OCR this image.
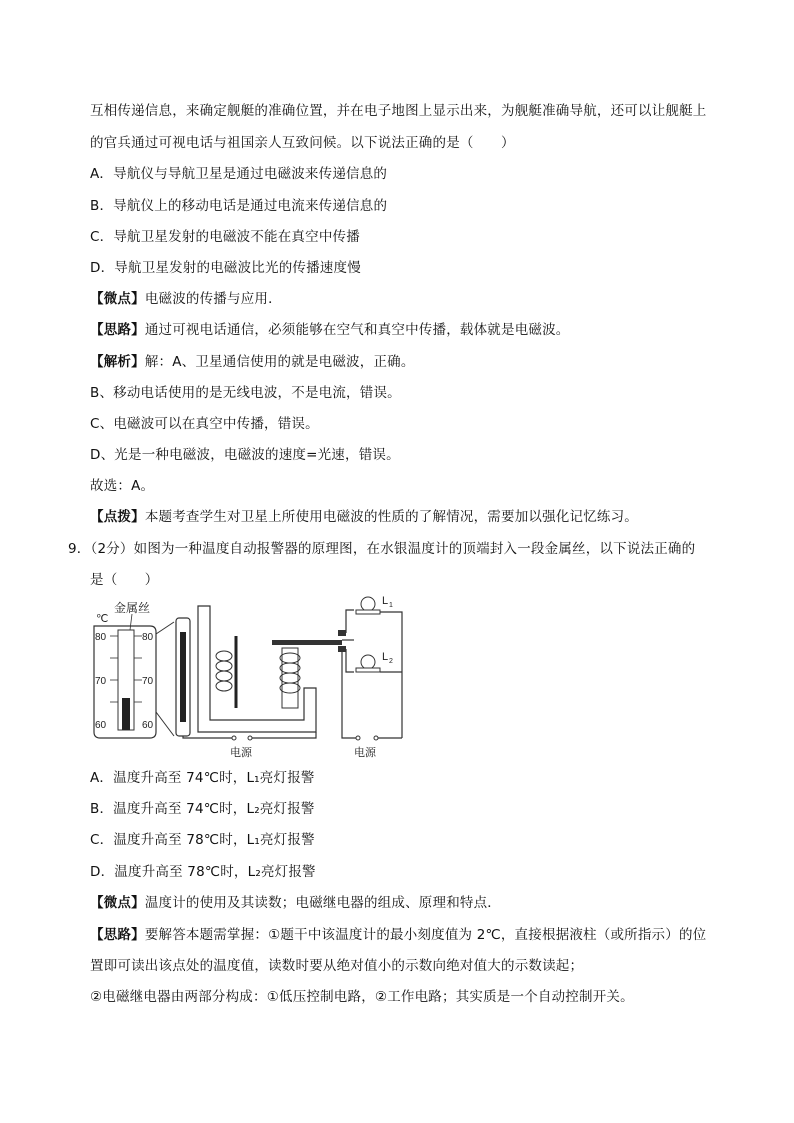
互相传递信息，来确定舰艇的准确位置，并在电子地图上显示出来，为舰艇准确导航，还可以让舰艇上
的官兵通过可视电话与祖国亲人互致问候。以下说法正确的是（　　）
A．导航仪与导航卫星是通过电磁波来传递信息的
B．导航仪上的移动电话是通过电流来传递信息的
C．导航卫星发射的电磁波不能在真空中传播
D．导航卫星发射的电磁波比光的传播速度慢
【微点】电磁波的传播与应用．
【思路】通过可视电话通信，必须能够在空气和真空中传播，载体就是电磁波。
【解析】解：A、卫星通信使用的就是电磁波，正确。
B、移动电话使用的是无线电波，不是电流，错误。
C、电磁波可以在真空中传播，错误。
D、光是一种电磁波，电磁波的速度=光速，错误。
故选：A。
【点拨】本题考查学生对卫星上所使用电磁波的性质的了解情况，需要加以强化记忆练习。
9．（2分）如图为一种温度自动报警器的原理图，在水银温度计的顶端封入一段金属丝，以下说法正确的
是（　　）
℃
80
70
60
80
70
60
金属丝	L 1
L 2
电源	电源
A．温度升高至 74℃时，L₁亮灯报警
B．温度升高至 74℃时，L₂亮灯报警
C．温度升高至 78℃时，L₁亮灯报警
D．温度升高至 78℃时，L₂亮灯报警
【微点】温度计的使用及其读数；电磁继电器的组成、原理和特点．
【思路】要解答本题需掌握：①题干中该温度计的最小刻度值为 2℃，直接根据液柱（或所指示）的位
置即可读出该点处的温度值，读数时要从绝对值小的示数向绝对值大的示数读起；
②电磁继电器由两部分构成：①低压控制电路，②工作电路；其实质是一个自动控制开关。
